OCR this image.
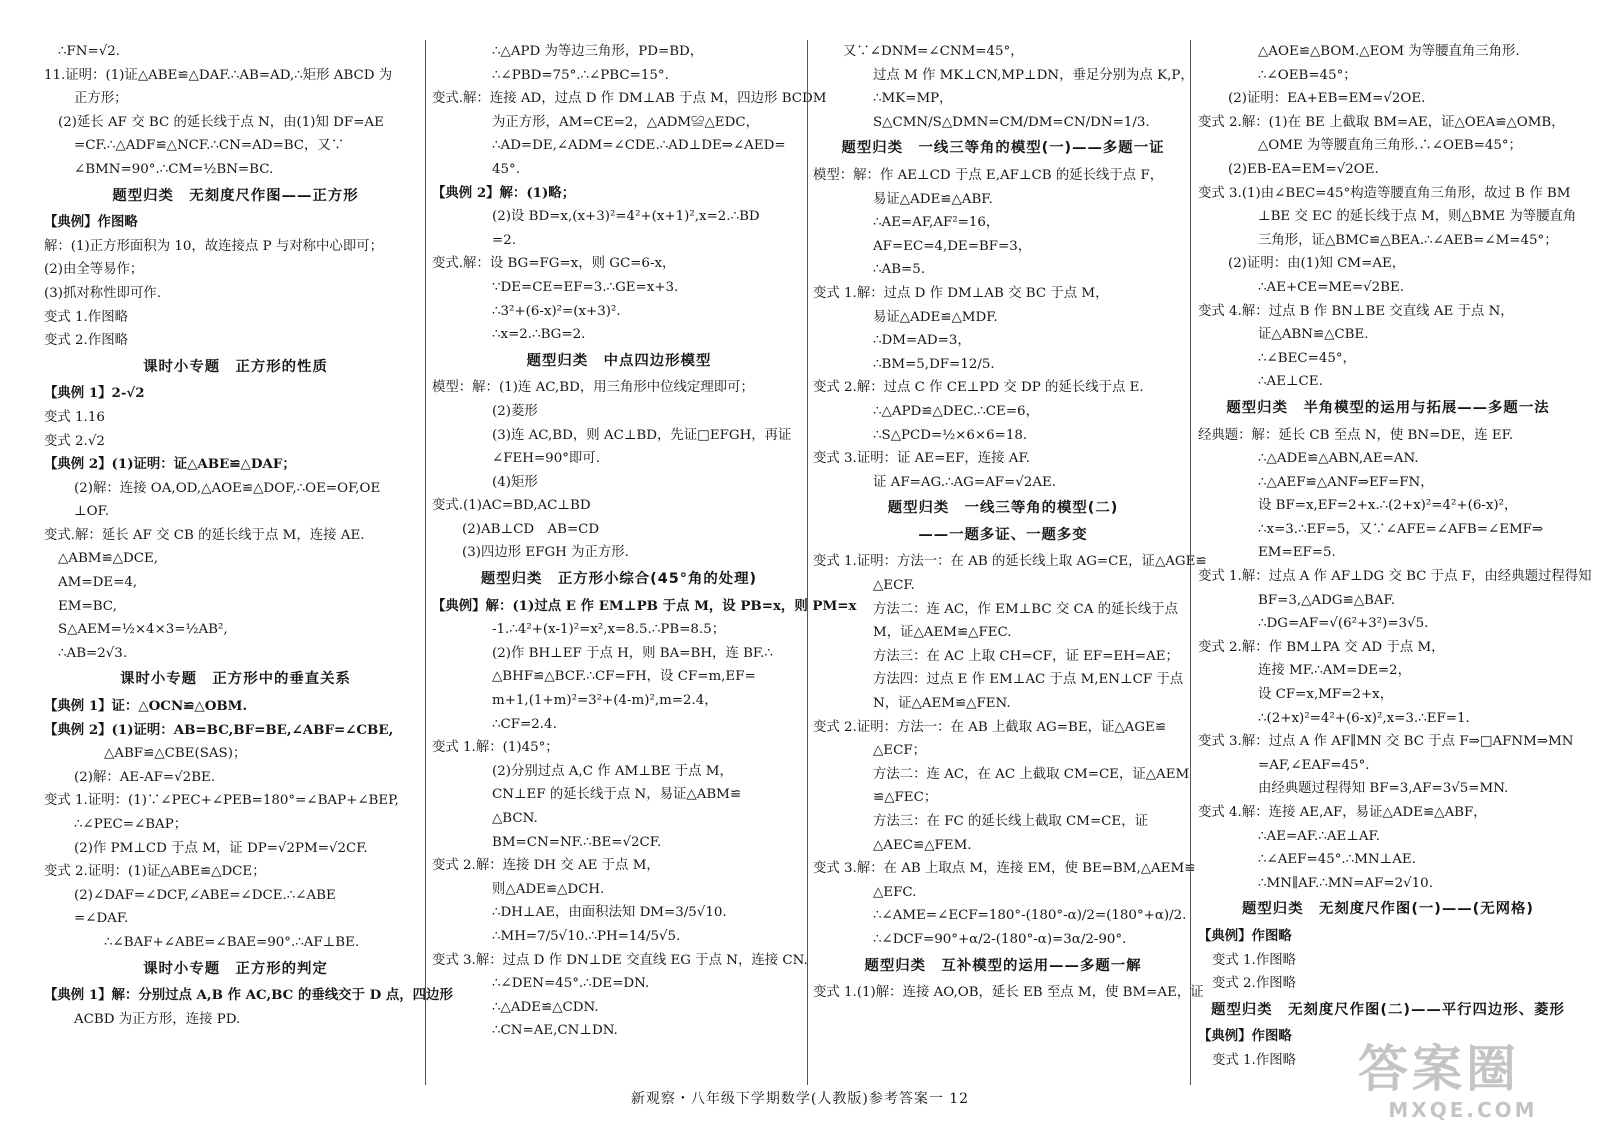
∴FN=√2.
11.证明：(1)证△ABE≌△DAF.∴AB=AD,∴矩形 ABCD 为
正方形；
(2)延长 AF 交 BC 的延长线于点 N，由(1)知 DF=AE
=CF.∴△ADF≌△NCF.∴CN=AD=BC，又∵
∠BMN=90°.∴CM=½BN=BC.
题型归类　无刻度尺作图——正方形
【典例】作图略
解：(1)正方形面积为 10，故连接点 P 与对称中心即可；
(2)由全等易作；
(3)抓对称性即可作.
变式 1.作图略
变式 2.作图略
课时小专题　正方形的性质
【典例 1】2-√2
变式 1.16
变式 2.√2
【典例 2】(1)证明：证△ABE≌△DAF；
(2)解：连接 OA,OD,△AOE≌△DOF,∴OE=OF,OE
⊥OF.
变式.解：延长 AF 交 CB 的延长线于点 M，连接 AE.
△ABM≌△DCE,
AM=DE=4,
EM=BC,
S△AEM=½×4×3=½AB²,
∴AB=2√3.
课时小专题　正方形中的垂直关系
【典例 1】证：△OCN≌△OBM.
【典例 2】(1)证明：AB=BC,BF=BE,∠ABF=∠CBE,
△ABF≌△CBE(SAS)；
(2)解：AE-AF=√2BE.
变式 1.证明：(1)∵∠PEC+∠PEB=180°=∠BAP+∠BEP,
∴∠PEC=∠BAP；
(2)作 PM⊥CD 于点 M，证 DP=√2PM=√2CF.
变式 2.证明：(1)证△ABE≌△DCE；
(2)∠DAF=∠DCF,∠ABE=∠DCE.∴∠ABE
=∠DAF.
∴∠BAF+∠ABE=∠BAE=90°.∴AF⊥BE.
课时小专题　正方形的判定
【典例 1】解：分别过点 A,B 作 AC,BC 的垂线交于 D 点，四边形
ACBD 为正方形，连接 PD.
∴△APD 为等边三角形，PD=BD，
∴∠PBD=75°.∴∠PBC=15°.
变式.解：连接 AD，过点 D 作 DM⊥AB 于点 M，四边形 BCDM
为正方形，AM=CE=2，△ADM≌△EDC，
∴AD=DE,∠ADM=∠CDE.∴AD⊥DE⇒∠AED=
45°.
【典例 2】解：(1)略；
(2)设 BD=x,(x+3)²=4²+(x+1)²,x=2.∴BD
=2.
变式.解：设 BG=FG=x，则 GC=6-x，
∵DE=CE=EF=3.∴GE=x+3.
∴3²+(6-x)²=(x+3)².
∴x=2.∴BG=2.
题型归类　中点四边形模型
模型：解：(1)连 AC,BD，用三角形中位线定理即可；
(2)菱形
(3)连 AC,BD，则 AC⊥BD，先证□EFGH，再证
∠FEH=90°即可.
(4)矩形
变式.(1)AC=BD,AC⊥BD
(2)AB⊥CD　AB=CD
(3)四边形 EFGH 为正方形.
题型归类　正方形小综合(45°角的处理)
【典例】解：(1)过点 E 作 EM⊥PB 于点 M，设 PB=x，则 PM=x
-1.∴4²+(x-1)²=x²,x=8.5.∴PB=8.5；
(2)作 BH⊥EF 于点 H，则 BA=BH，连 BF.∴
△BHF≌△BCF.∴CF=FH，设 CF=m,EF=
m+1,(1+m)²=3²+(4-m)²,m=2.4，
∴CF=2.4.
变式 1.解：(1)45°；
(2)分别过点 A,C 作 AM⊥BE 于点 M，
CN⊥EF 的延长线于点 N，易证△ABM≌
△BCN.
BM=CN=NF.∴BE=√2CF.
变式 2.解：连接 DH 交 AE 于点 M，
则△ADE≌△DCH.
∴DH⊥AE，由面积法知 DM=3/5√10.
∴MH=7/5√10.∴PH=14/5√5.
变式 3.解：过点 D 作 DN⊥DE 交直线 EG 于点 N，连接 CN.
∴∠DEN=45°.∴DE=DN.
∴△ADE≌△CDN.
∴CN=AE,CN⊥DN.
又∵∠DNM=∠CNM=45°，
过点 M 作 MK⊥CN,MP⊥DN，垂足分别为点 K,P，
∴MK=MP，
S△CMN/S△DMN=CM/DM=CN/DN=1/3.
题型归类　一线三等角的模型(一)——多题一证
模型：解：作 AE⊥CD 于点 E,AF⊥CB 的延长线于点 F，
易证△ADE≌△ABF.
∴AE=AF,AF²=16，
AF=EC=4,DE=BF=3，
∴AB=5.
变式 1.解：过点 D 作 DM⊥AB 交 BC 于点 M，
易证△ADE≌△MDF.
∴DM=AD=3，
∴BM=5,DF=12/5.
变式 2.解：过点 C 作 CE⊥PD 交 DP 的延长线于点 E.
∴△APD≌△DEC.∴CE=6，
∴S△PCD=½×6×6=18.
变式 3.证明：证 AE=EF，连接 AF.
证 AF=AG.∴AG=AF=√2AE.
题型归类　一线三等角的模型(二)
——一题多证、一题多变
变式 1.证明：方法一：在 AB 的延长线上取 AG=CE，证△AGE≌
△ECF.
方法二：连 AC，作 EM⊥BC 交 CA 的延长线于点
M，证△AEM≌△FEC.
方法三：在 AC 上取 CH=CF，证 EF=EH=AE；
方法四：过点 E 作 EM⊥AC 于点 M,EN⊥CF 于点
N，证△AEM≌△FEN.
变式 2.证明：方法一：在 AB 上截取 AG=BE，证△AGE≌
△ECF；
方法二：连 AC，在 AC 上截取 CM=CE，证△AEM
≌△FEC；
方法三：在 FC 的延长线上截取 CM=CE，证
△AEC≌△FEM.
变式 3.解：在 AB 上取点 M，连接 EM，使 BE=BM,△AEM≌
△EFC.
∴∠AME=∠ECF=180°-(180°-α)/2=(180°+α)/2.
∴∠DCF=90°+α/2-(180°-α)=3α/2-90°.
题型归类　互补模型的运用——多题一解
变式 1.(1)解：连接 AO,OB，延长 EB 至点 M，使 BM=AE，证
△AOE≌△BOM.△EOM 为等腰直角三角形.
∴∠OEB=45°；
(2)证明：EA+EB=EM=√2OE.
变式 2.解：(1)在 BE 上截取 BM=AE，证△OEA≌△OMB，
△OME 为等腰直角三角形.∴∠OEB=45°；
(2)EB-EA=EM=√2OE.
变式 3.(1)由∠BEC=45°构造等腰直角三角形，故过 B 作 BM
⊥BE 交 EC 的延长线于点 M，则△BME 为等腰直角
三角形，证△BMC≌△BEA.∴∠AEB=∠M=45°；
(2)证明：由(1)知 CM=AE，
∴AE+CE=ME=√2BE.
变式 4.解：过点 B 作 BN⊥BE 交直线 AE 于点 N，
证△ABN≌△CBE.
∴∠BEC=45°，
∴AE⊥CE.
题型归类　半角模型的运用与拓展——多题一法
经典题：解：延长 CB 至点 N，使 BN=DE，连 EF.
∴△ADE≌△ABN,AE=AN.
∴△AEF≌△ANF⇒EF=FN，
设 BF=x,EF=2+x.∴(2+x)²=4²+(6-x)²，
∴x=3.∴EF=5，又∵∠AFE=∠AFB=∠EMF⇒
EM=EF=5.
变式 1.解：过点 A 作 AF⊥DG 交 BC 于点 F，由经典题过程得知
BF=3,△ADG≌△BAF.
∴DG=AF=√(6²+3²)=3√5.
变式 2.解：作 BM⊥PA 交 AD 于点 M，
连接 MF.∴AM=DE=2，
设 CF=x,MF=2+x，
∴(2+x)²=4²+(6-x)²,x=3.∴EF=1.
变式 3.解：过点 A 作 AF∥MN 交 BC 于点 F⇒□AFNM⇒MN
=AF,∠EAF=45°.
由经典题过程得知 BF=3,AF=3√5=MN.
变式 4.解：连接 AE,AF，易证△ADE≌△ABF，
∴AE=AF.∴AE⊥AF.
∴∠AEF=45°.∴MN⊥AE.
∴MN∥AF.∴MN=AF=2√10.
题型归类　无刻度尺作图(一)——(无网格)
【典例】作图略
变式 1.作图略
变式 2.作图略
题型归类　无刻度尺作图(二)——平行四边形、菱形
【典例】作图略
变式 1.作图略
新观察・八年级下学期数学(人教版)参考答案一 12
答案圈
MXQE.COM
